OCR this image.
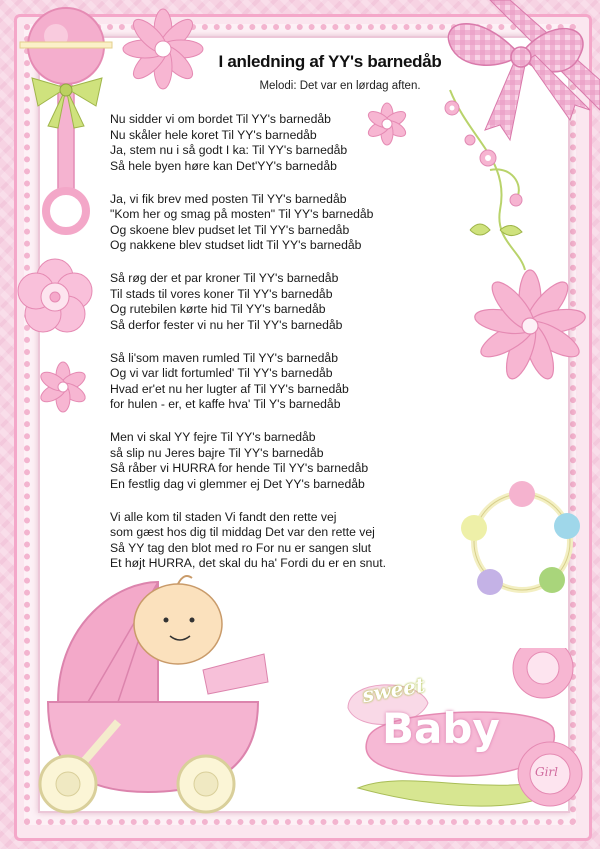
sweet
Baby
Girl
I anledning af YY's barnedåb
Melodi: Det var en lørdag aften.
Nu sidder vi om bordet Til YY's barnedåb
Nu skåler hele koret Til YY's barnedåb
Ja, stem nu i så godt I ka: Til YY's barnedåb
Så hele byen høre kan Det'YY's barnedåb
Ja, vi fik brev med posten Til YY's barnedåb
"Kom her og smag på mosten" Til YY's barnedåb
Og skoene blev pudset let Til YY's barnedåb
Og nakkene blev studset lidt Til YY's barnedåb
Så røg der et par kroner Til YY's barnedåb
Til stads til vores koner Til YY's barnedåb
Og rutebilen kørte hid Til YY's barnedåb
Så derfor fester vi nu her Til YY's barnedåb
Så li'som maven rumled Til YY's barnedåb
Og vi var lidt fortumled' Til YY's barnedåb
Hvad er'et nu her lugter af Til YY's barnedåb
for hulen - er, et kaffe hva' Til Y's barnedåb
Men vi skal YY fejre Til YY's barnedåb
så slip nu Jeres bajre Til YY's barnedåb
Så råber vi HURRA for hende Til YY's barnedåb
En festlig dag vi glemmer ej Det YY's barnedåb
Vi alle kom til staden Vi fandt den rette vej
som gæst hos dig til middag Det var den rette vej
Så YY tag den blot med ro For nu er sangen slut
Et højt HURRA, det skal du ha' Fordi du er en snut.
